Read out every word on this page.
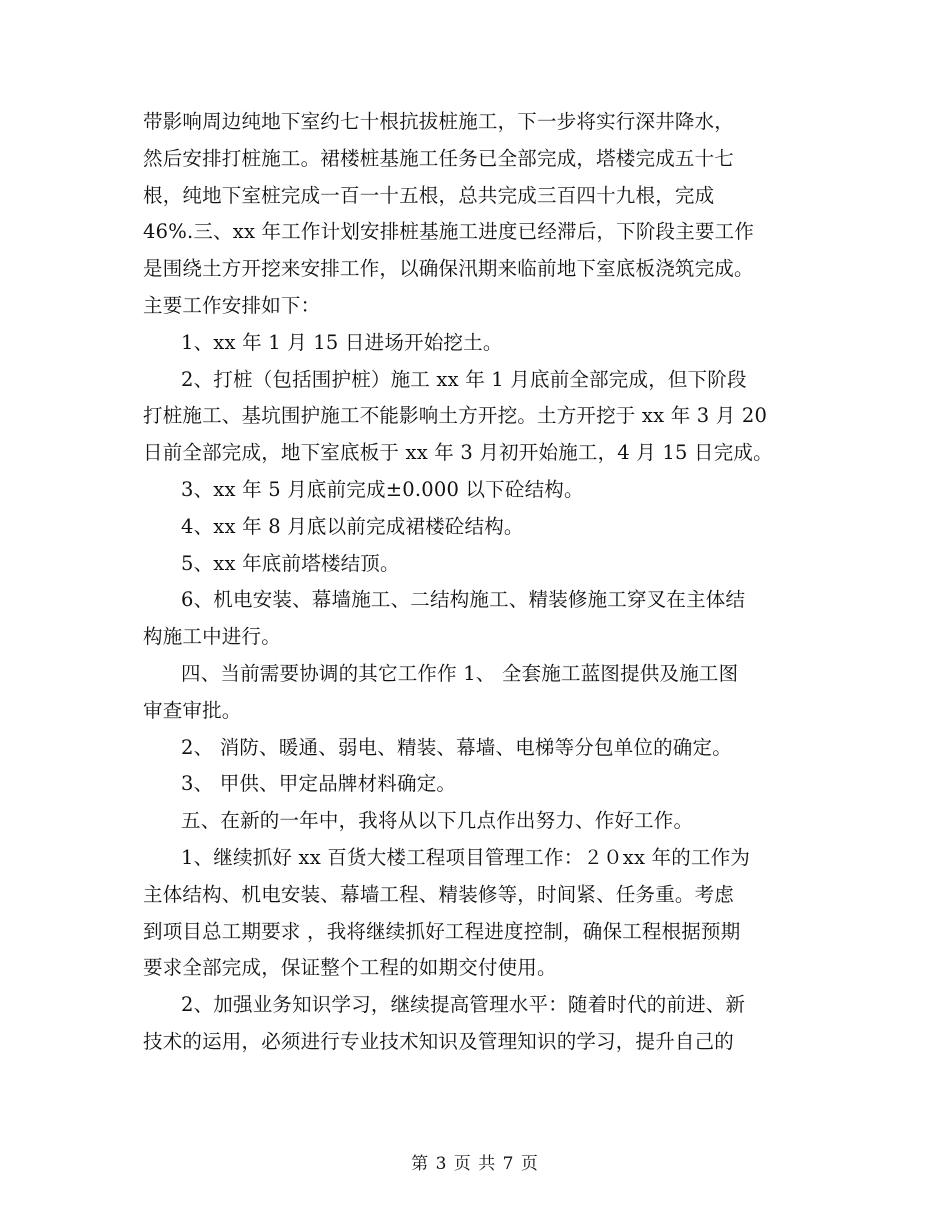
带影响周边纯地下室约七十根抗拔桩施工，下一步将实行深井降水，
然后安排打桩施工。裙楼桩基施工任务已全部完成，塔楼完成五十七
根，纯地下室桩完成一百一十五根，总共完成三百四十九根，完成
46%.三、xx 年工作计划安排桩基施工进度已经滞后，下阶段主要工作
是围绕土方开挖来安排工作，以确保汛期来临前地下室底板浇筑完成。
主要工作安排如下：
1、xx 年 1 月 15 日进场开始挖土。
2、打桩（包括围护桩）施工 xx 年 1 月底前全部完成，但下阶段
打桩施工、基坑围护施工不能影响土方开挖。土方开挖于 xx 年 3 月 20
日前全部完成，地下室底板于 xx 年 3 月初开始施工，4 月 15 日完成。
3、xx 年 5 月底前完成±0.000 以下砼结构。
4、xx 年 8 月底以前完成裙楼砼结构。
5、xx 年底前塔楼结顶。
6、机电安装、幕墙施工、二结构施工、精装修施工穿叉在主体结
构施工中进行。
四、当前需要协调的其它工作作 1、 全套施工蓝图提供及施工图
审查审批。
2、 消防、暖通、弱电、精装、幕墙、电梯等分包单位的确定。
3、 甲供、甲定品牌材料确定。
五、在新的一年中，我将从以下几点作出努力、作好工作。
1、继续抓好 xx 百货大楼工程项目管理工作：２０xx 年的工作为
主体结构、机电安装、幕墙工程、精装修等，时间紧、任务重。考虑
到项目总工期要求 ，我将继续抓好工程进度控制，确保工程根据预期
要求全部完成，保证整个工程的如期交付使用。
2、加强业务知识学习，继续提高管理水平：随着时代的前进、新
技术的运用，必须进行专业技术知识及管理知识的学习，提升自己的
第 3 页 共 7 页
